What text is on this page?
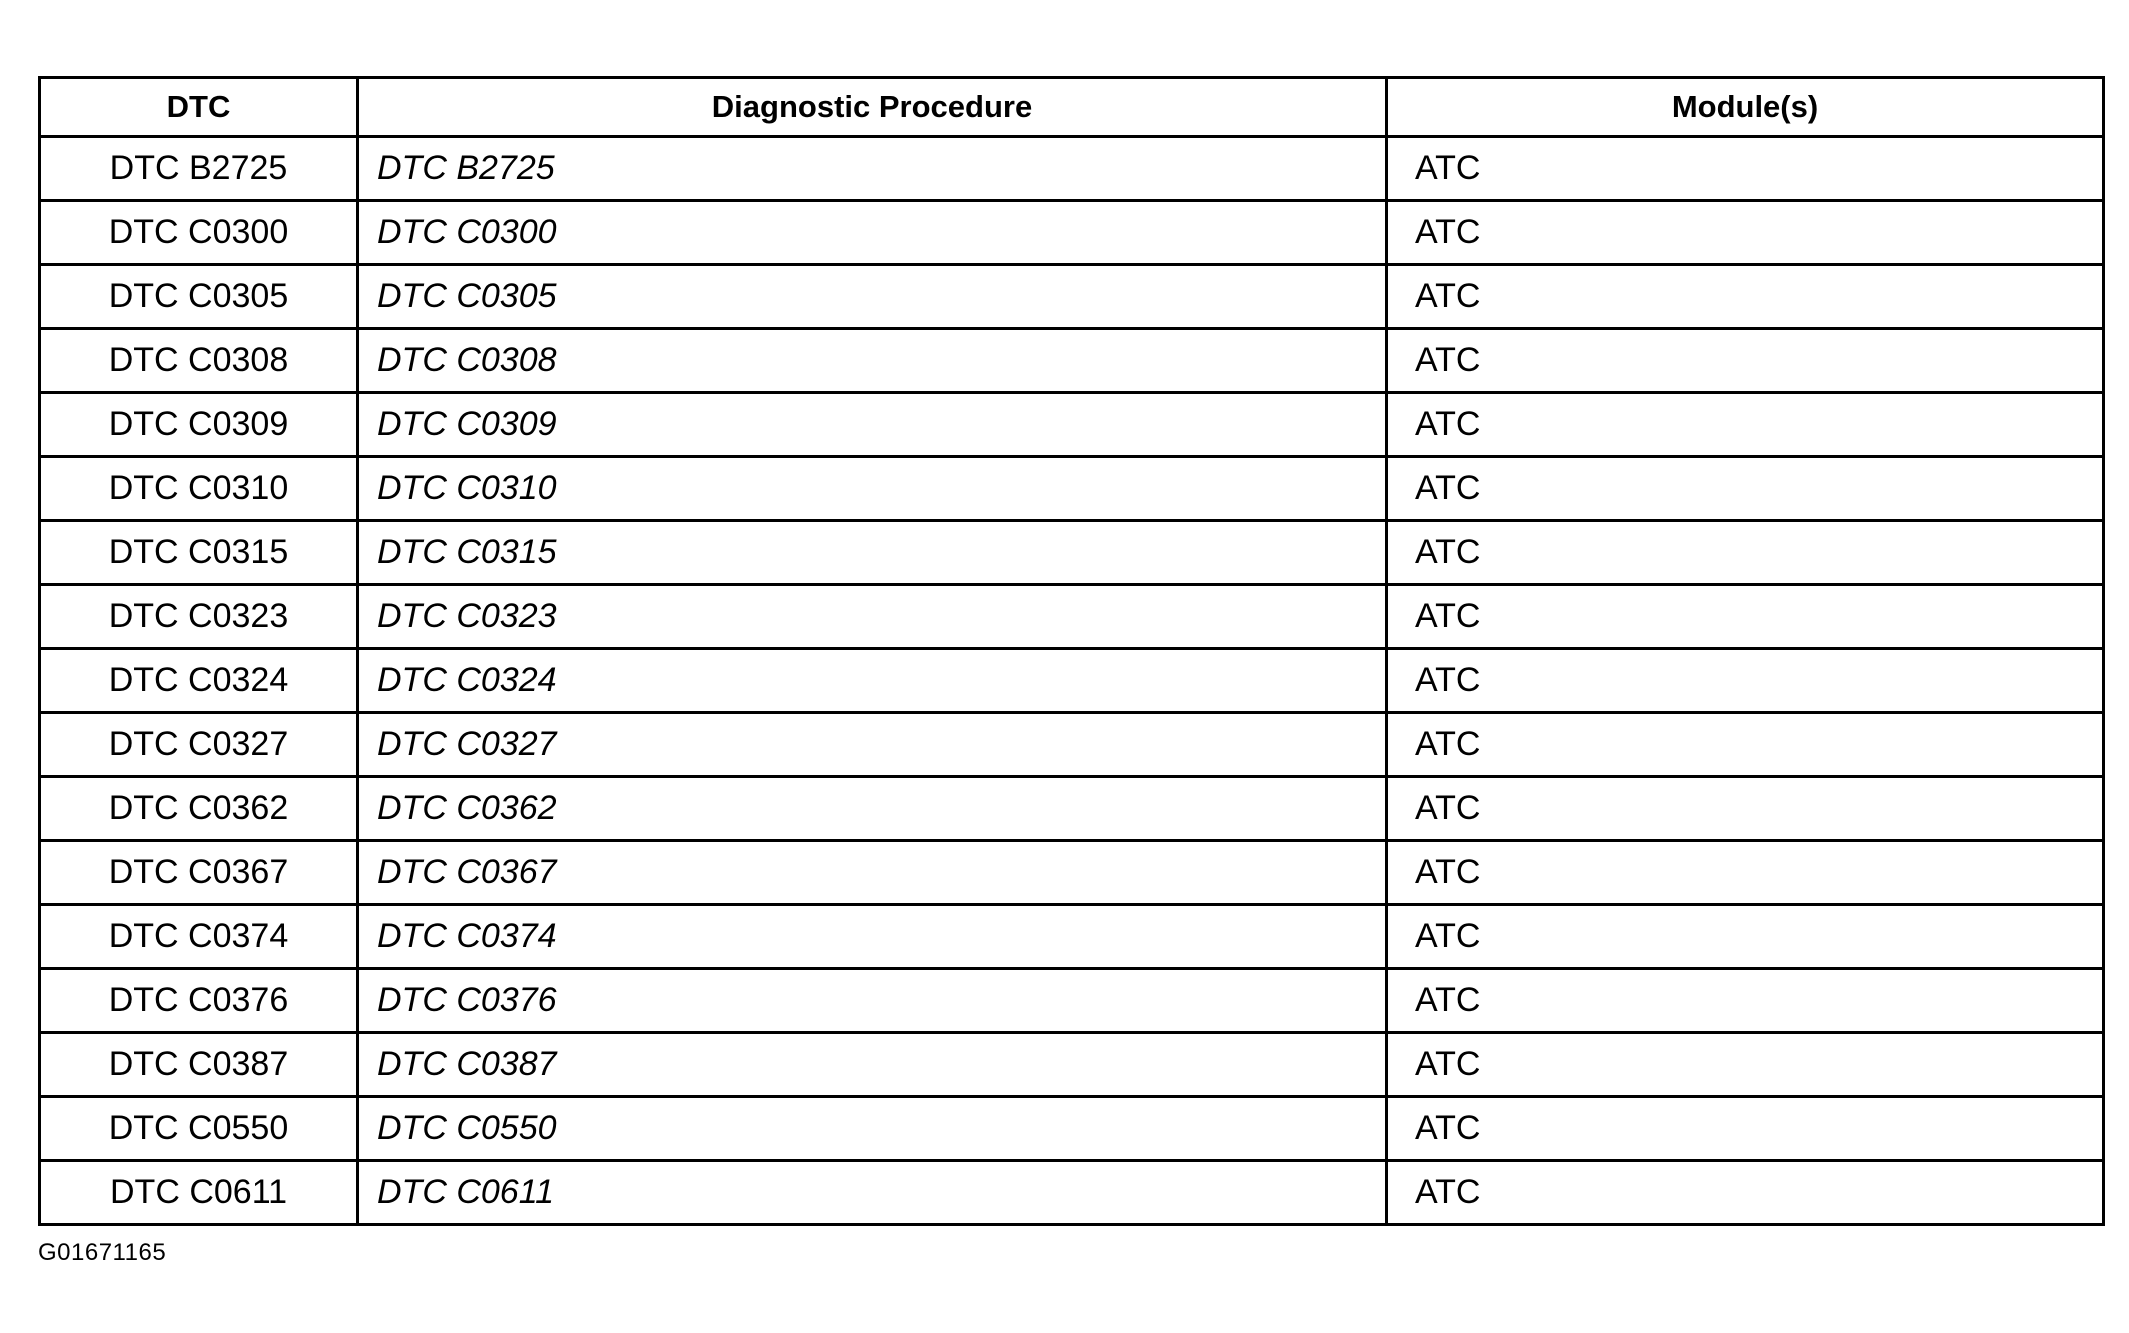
DTC	Diagnostic Procedure	Module(s)
DTC B2725	DTC B2725	ATC
DTC C0300	DTC C0300	ATC
DTC C0305	DTC C0305	ATC
DTC C0308	DTC C0308	ATC
DTC C0309	DTC C0309	ATC
DTC C0310	DTC C0310	ATC
DTC C0315	DTC C0315	ATC
DTC C0323	DTC C0323	ATC
DTC C0324	DTC C0324	ATC
DTC C0327	DTC C0327	ATC
DTC C0362	DTC C0362	ATC
DTC C0367	DTC C0367	ATC
DTC C0374	DTC C0374	ATC
DTC C0376	DTC C0376	ATC
DTC C0387	DTC C0387	ATC
DTC C0550	DTC C0550	ATC
DTC C0611	DTC C0611	ATC
G01671165
